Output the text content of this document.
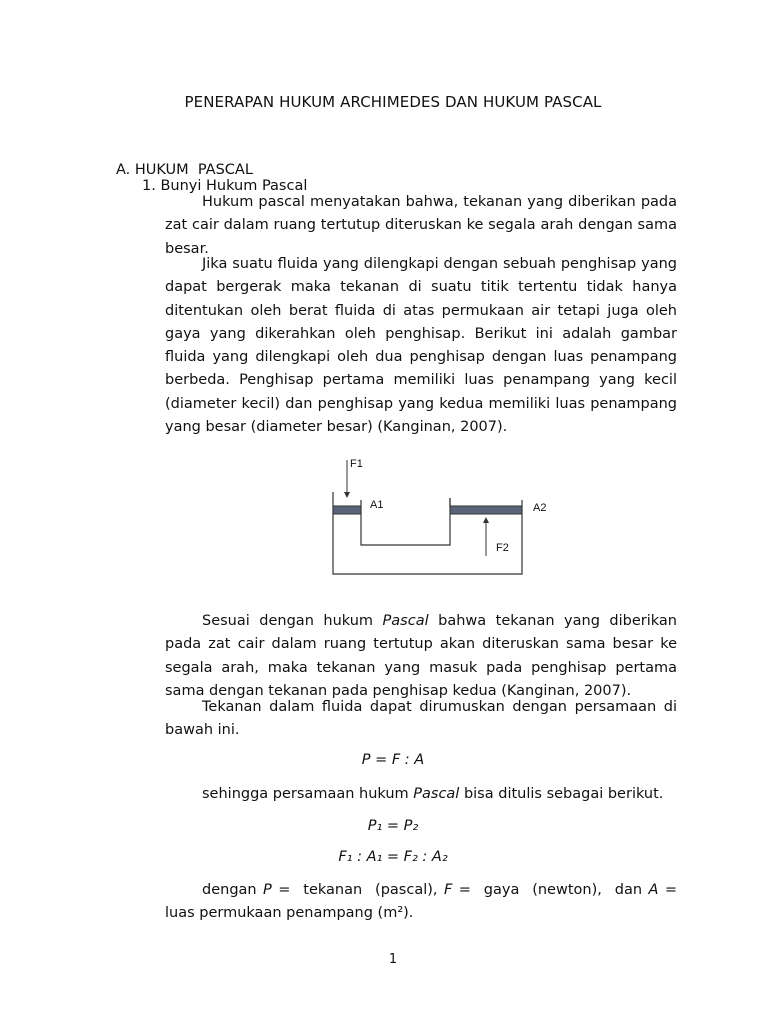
PENERAPAN HUKUM ARCHIMEDES DAN HUKUM PASCAL
A. HUKUM  PASCAL
1. Bunyi Hukum Pascal
Hukum pascal menyatakan bahwa, tekanan yang diberikan pada zat cair dalam ruang tertutup diteruskan ke segala arah dengan sama besar.
Jika suatu fluida yang dilengkapi dengan sebuah penghisap yang dapat bergerak maka tekanan di suatu titik tertentu tidak hanya ditentukan oleh berat fluida di atas permukaan air tetapi juga oleh gaya yang dikerahkan oleh penghisap. Berikut ini adalah gambar fluida yang dilengkapi oleh dua penghisap dengan luas penampang berbeda. Penghisap pertama memiliki luas penampang yang kecil (diameter kecil) dan penghisap yang kedua memiliki luas penampang yang besar (diameter besar) (Kanginan, 2007).
F1
A1	A2
F2
Sesuai dengan hukum Pascal bahwa tekanan yang diberikan pada zat cair dalam ruang tertutup akan diteruskan sama besar ke segala arah, maka tekanan yang masuk pada penghisap pertama sama dengan tekanan pada penghisap kedua (Kanginan, 2007).
Tekanan dalam fluida dapat dirumuskan dengan persamaan di bawah ini.
P = F : A
sehingga persamaan hukum Pascal bisa ditulis sebagai berikut.
P₁ = P₂
F₁ : A₁ = F₂ : A₂
dengan P =  tekanan  (pascal), F =  gaya  (newton),  dan A =  luas permukaan penampang (m²).
1
